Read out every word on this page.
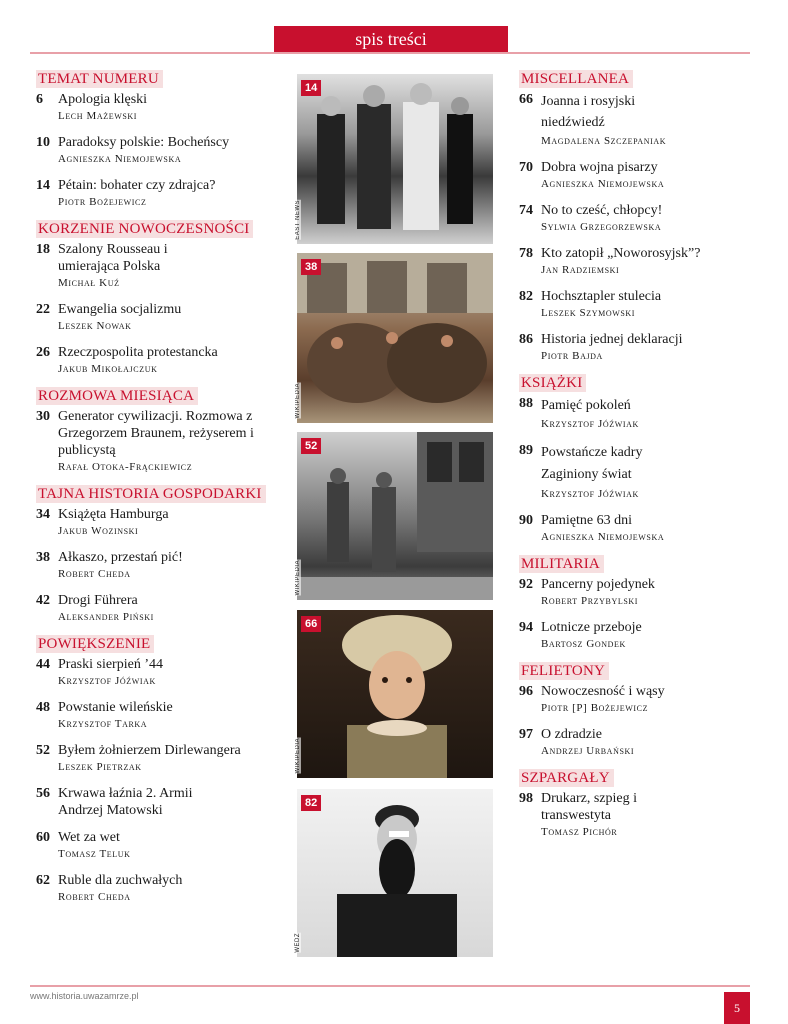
spis treści
TEMAT NUMERU
6	Apologia klęski
Lech Mażewski
10 Paradoksy polskie: Bocheńscy
Agnieszka Niemojewska
14 Pétain: bohater czy zdrajca?
Piotr Bożejewicz
KORZENIE NOWOCZESNOŚCI
18 Szalony Rousseau i umierająca Polska
Michał Kuź
22 Ewangelia socjalizmu
Leszek Nowak
26 Rzeczpospolita protestancka
Jakub Mikołajczuk
ROZMOWA MIESIĄCA
30 Generator cywilizacji. Rozmowa z Grzegorzem Braunem, reżyserem i publicystą
Rafał Otoka-Frąckiewicz
TAJNA HISTORIA GOSPODARKI
34 Książęta Hamburga
Jakub Wozinski
38 Ałkaszo, przestań pić!
Robert Cheda
42 Drogi Führera
Aleksander Piński
POWIĘKSZENIE
44 Praski sierpień ’44
Krzysztof Jóźwiak
48 Powstanie wileńskie
Krzysztof Tarka
52 Byłem żołnierzem Dirlewangera
Leszek Pietrzak
56 Krwawa łaźnia 2. Armii
Andrzej Matowski
60 Wet za wet
Tomasz Teluk
62 Ruble dla zuchwałych
Robert Cheda
14
EAST NEWS
38
WIKIPEDIA
52
WIKIPEDIA
66
WIKIPEDIA
82
WEDŻ
MISCELLANEA
66 Joanna i rosyjski niedźwiedź
Magdalena Szczepaniak
70 Dobra wojna pisarzy
Agnieszka Niemojewska
74 No to cześć, chłopcy!
Sylwia Grzegorzewska
78 Kto zatopił „Noworosyjsk”?
Jan Radziemski
82 Hochsztapler stulecia
Leszek Szymowski
86 Historia jednej deklaracji
Piotr Bajda
KSIĄŻKI
88 Pamięć pokoleń
Krzysztof Jóźwiak
89 Powstańcze kadry Zaginiony świat
Krzysztof Jóźwiak
90 Pamiętne 63 dni
Agnieszka Niemojewska
MILITARIA
92 Pancerny pojedynek
Robert Przybylski
94 Lotnicze przeboje
Bartosz Gondek
FELIETONY
96 Nowoczesność i wąsy
Piotr [P] Bożejewicz
97 O zdradzie
Andrzej Urbański
SZPARGAŁY
98 Drukarz, szpieg i transwestyta
Tomasz Pichór
www.historia.uwazamrze.pl
5
